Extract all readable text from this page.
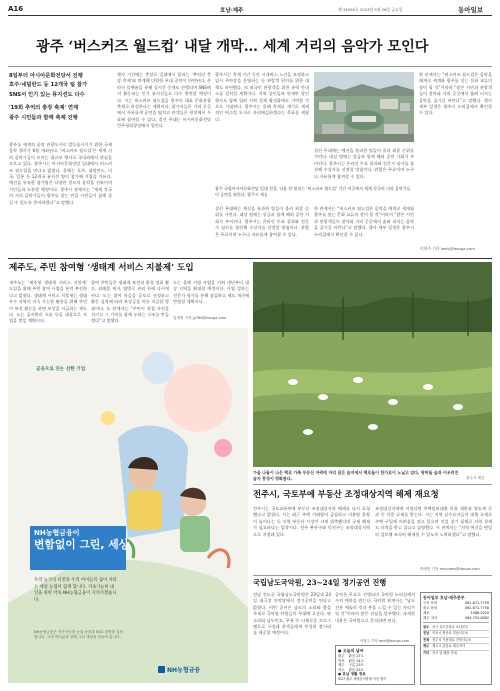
A16	호남·제주	제 34595호 2023년 5월 26일 금요일	동아일보
광주 ‘버스커즈 월드컵’ 내달 개막… 세계 거리의 음악가 모인다
8일부터 아시아문화전당서 진행
호주·네덜란드 등 12개국 팀 참가
SNS서 인기 있는 뮤지션도 다수
'19회 추억의 충장 축제' 연계
광주 시민들과 함께 축제 진행
광주를 세계적 음악 관광도시로 발돋움시키기 위한 국제 음악 행사가 6월 개최된다. ‘버스커즈 월드컵’은 세계 거리 음악가들이 모이는 대규모 행사로 국내외에서 관심을 모으고 있다. 광주시는 아시아문화전당 일대에서 버스커즈 월드컵을 연다고 밝혔다. 올해는 호주, 네덜란드, 미국, 일본 등 12개국 뮤지션 팀이 참가해 기량을 겨룬다. 예선을 통과한 참가팀은 다양한 장르의 음악을 선보이며 시민들과 소통할 예정이다. 광주시 관계자는 “세계 각국의 거리 음악가들이 광주를 찾는 만큼 시민들이 함께 즐길 수 있도록 준비하겠다”고 말했다.
행사 기간에는 충장로 일대에서 열리는 ‘추억의 충장 축제’와 연계해 다양한 부대 공연이 마련된다. 온라인 플랫폼을 통해 실시간 중계도 진행되며 SNS에서 활동하는 인기 뮤지션들도 다수 출연할 예정이다. 시는 버스커즈 월드컵을 광주의 대표 문화관광 축제로 육성한다는 계획이다. 참가자들은 거리 곳곳에서 자유롭게 공연을 펼치고 관객들은 현장에서 투표에 참여할 수 있다. 결선 무대는 아시아문화전당 민주평화광장에서 열린다.
광주시는 축제 기간 동안 시내버스 노선을 조정하고 임시 주차장을 운영하는 등 관람객 편의를 위한 대책도 마련했다. 또 외국인 관광객을 위한 통역 안내소를 설치할 계획이다. 지역 상인들과 연계한 할인 행사도 함께 열려 지역 경제 활성화에도 기여할 것으로 기대된다. 광주시는 올해 축제를 계기로 세계적인 버스킹 도시로 자리매김하겠다는 목표를 세웠다.
결선 무대에는 예선을 통과한 팀들이 올라 최종 순위를 가린다. 대상 팀에는 상금과 함께 해외 공연 기회가 주어진다. 광주시는 온라인 투표 결과와 전문가 심사를 합산해 수상자를 선정할 방침이다. 관람은 무료이며 누구나 자유롭게 참여할 수 있다.
한 관계자는 “버스커즈 월드컵은 음악을 매개로 세계와 광주를 잇는 문화 교류의 장이 될 것”이라며 “많은 시민과 관광객들이 찾아와 거리 곳곳에서 울려 퍼지는 음악을 즐기길 바란다”고 말했다. 행사 세부 일정은 광주시 누리집에서 확인할 수 있다.
이형주 기자 leehj@donga.com
광주 국립아시아문화전당 일대 전경. 다음 달 열리는 ‘버스커즈 월드컵’ 기간 이곳에서 세계 각국의 거리 음악가들이 공연을 펼친다. 광주시 제공
결선 무대에는 예선을 통과한 팀들이 올라 최종 순위를 가린다. 대상 팀에는 상금과 함께 해외 공연 기회가 주어진다. 광주시는 온라인 투표 결과와 전문가 심사를 합산해 수상자를 선정할 방침이다. 관람은 무료이며 누구나 자유롭게 참여할 수 있다.
한 관계자는 “버스커즈 월드컵은 음악을 매개로 세계와 광주를 잇는 문화 교류의 장이 될 것”이라며 “많은 시민과 관광객들이 찾아와 거리 곳곳에서 울려 퍼지는 음악을 즐기길 바란다”고 말했다. 행사 세부 일정은 광주시 누리집에서 확인할 수 있다.
제주도, 주민 참여형 ‘생태계 서비스 지불제’ 도입
제주도는 ‘제주형 생태계 서비스 지불제’ 도입을 위해 주민 참여 사업을 본격 추진한다고 밝혔다. 생태계 서비스 지불제는 생태 우수 지역의 지속 가능한 활용을 위해 주민이 보전 활동을 하면 보상을 지급하는 제도다. 도는 곶자왈과 오름 등을 대상으로 사업을 벌일 계획이다.
참여 주민들은 생태계 보전과 환경 정화 활동, 외래종 제거, 탐방로 관리 등에 나서게 된다. 도는 참여 마을을 공모로 선정하고 활동 실적에 따라 보상금을 차등 지급할 방침이다. 도 관계자는 “주민이 직접 자연을 지키고 그 가치를 함께 누리는 구조를 만들겠다”고 말했다.
도는 올해 시범 사업을 거쳐 내년부터 대상 지역을 확대할 예정이다. 사업 성과는 전문가 평가를 통해 점검하고 제도 개선에 반영할 계획이다.
임재영 기자 jy788@donga.com
금융으로 잇는 선한 기업
NH농협금융이
변함없이 그린, 세상
우리 농가의 터전과 우리 아이들의 꿈이 자라는 세상 농협이 함께 합니다. 지속가능한 내일을 위한 약속 NH농협금융이 지켜가겠습니다.
NH농협금융은 지속가능한 농업·농촌과 ESG 경영을 실천합니다. 고객 여러분과 함께 그린 세상을 만들어 갑니다.
NH농협금융
가을 나들이 나온 백로 가족 무등산 자락에 자리 잡은 습지에서 백로들이 한가로이 노닐고 있다. 왕버들 숲과 어우러진 습지 풍경이 평화롭다.	광주시 제공
전주시, 국토부에 부동산 조정대상지역 해제 재요청
전주시는 국토교통부에 부동산 조정대상지역 해제를 다시 요청했다고 밝혔다. 시는 최근 주택 거래량이 급감하고 미분양 물량이 늘어나는 등 지역 부동산 시장이 크게 위축됐다며 규제 해제가 필요하다는 입장이다. 전주 완산구와 덕진구는 조정대상지역으로 지정돼 있다.
조정대상지역에 지정되면 주택담보대출 비율 제한과 양도세 중과 등 각종 규제를 받는다. 시는 지역 실수요자들이 대출 규제로 주택 구입에 어려움을 겪고 있으며 건설 경기 침체로 지역 경제도 타격을 받고 있다고 설명했다. 시 관계자는 “지역 여건을 면밀히 검토해 조속히 해제될 수 있도록 노력하겠다”고 말했다.
박영민 기자 minpress@donga.com
국립남도국악원, 23~24일 정기공연 진행
전남 진도군 국립남도국악원은 23일과 24일 대극장 진악당에서 정기공연을 연다고 밝혔다. 이번 공연은 남도의 소리와 춤을 주제로 국악원 단원들이 무대에 오른다. 판소리와 남도민요, 무용 등 다채로운 프로그램으로 구성돼 관객들에게 풍성한 볼거리를 제공할 예정이다.
공연은 무료로 진행되며 국악원 누리집에서 사전 예약을 받는다. 국악원 관계자는 “남도 전통 예술의 멋과 흥을 느낄 수 있는 자리가 될 것”이라며 많은 관심을 당부했다. 자세한 내용은 국악원으로 문의하면 된다.
이형주 기자 leehj@donga.com
● 오늘의 날씨
광주 맑음 27도
목포 맑음 24도
제주 구름 23도
여수 맑음 25도
● 호남 생활 정보
5/27 광주 세계김치축제 사전 행사
동아일보 호남·제주본부
구독 문의	062-671-7759
광고 문의	062-671-7758
제보	1588-2020
제주 지사	064-753-0062
광주 서구 상무중앙로 호남본부
전남 목포시 영산로 전남사무소
전북 전주시 기린대로 전북사무소
제주 제주시 중앙로 제주지사
기타 지국 및 배달 안내
